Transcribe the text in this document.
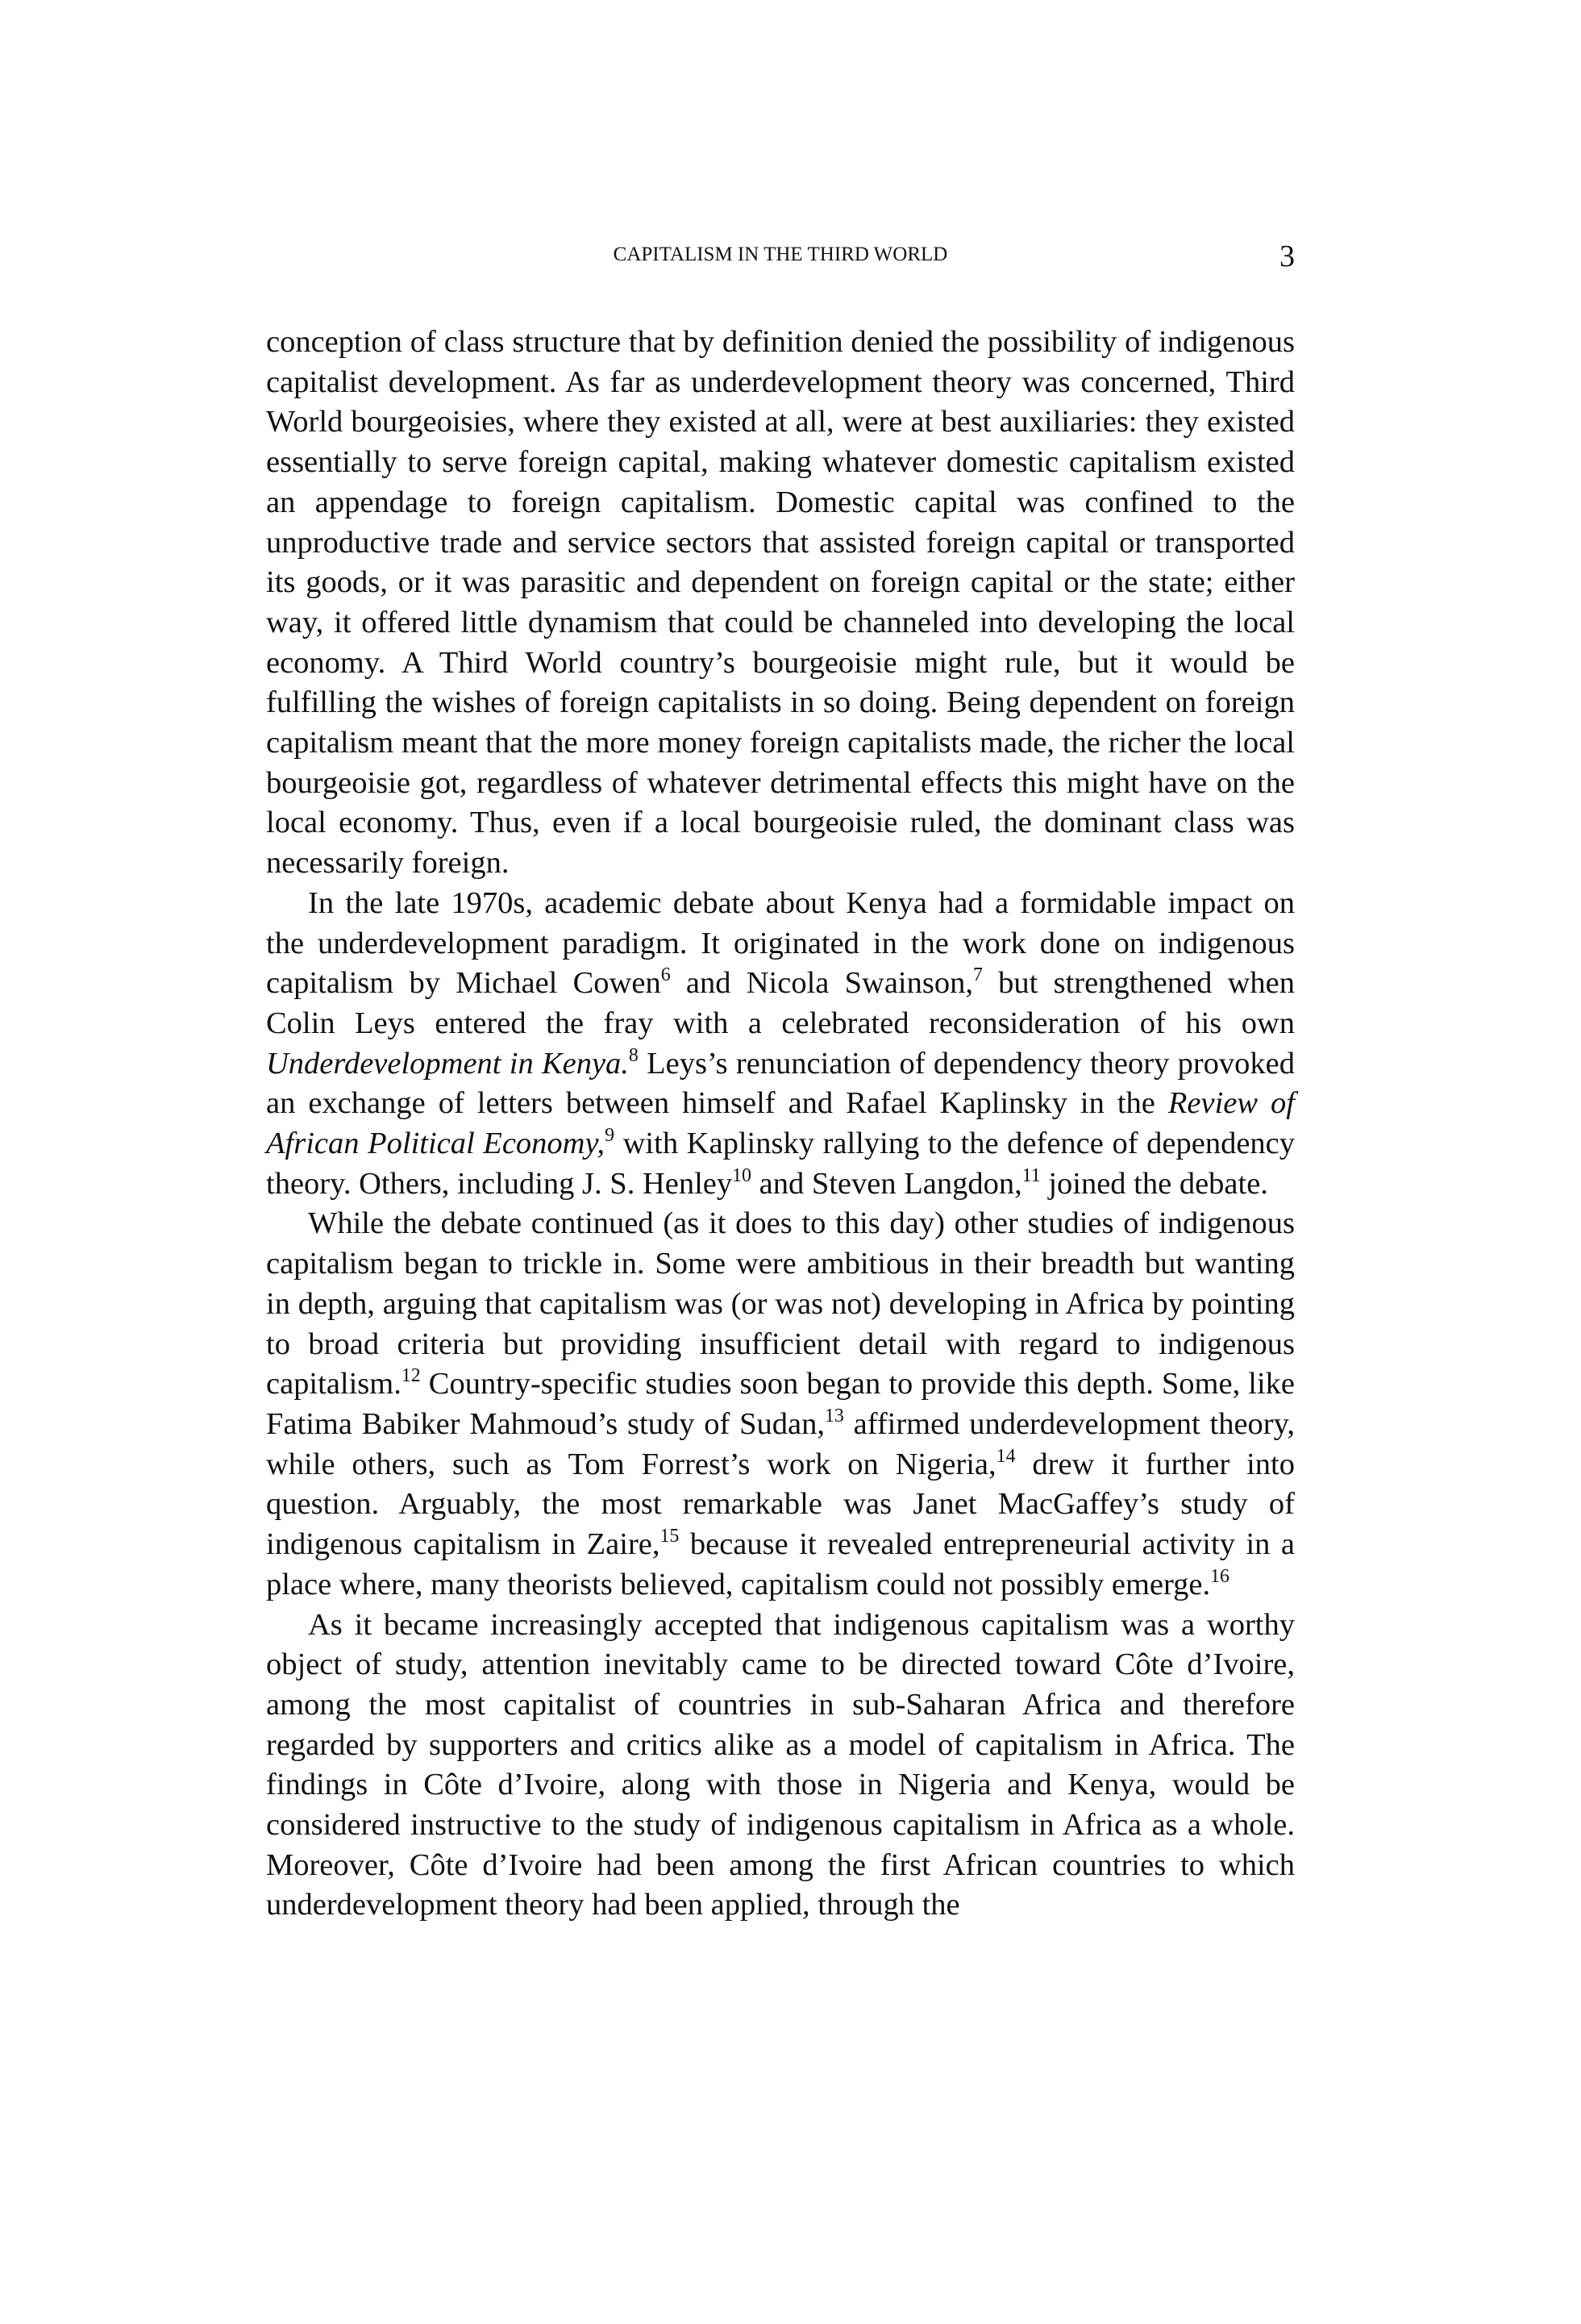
CAPITALISM IN THE THIRD WORLD	3

conception of class structure that by definition denied the possibility of indigenous capitalist development. As far as underdevelopment theory was concerned, Third World bourgeoisies, where they existed at all, were at best auxiliaries: they existed essentially to serve foreign capital, making whatever domestic capitalism existed an appendage to foreign capitalism. Domestic capital was confined to the unproductive trade and service sectors that assisted foreign capital or transported its goods, or it was parasitic and dependent on foreign capital or the state; either way, it offered little dynamism that could be channeled into developing the local economy. A Third World country’s bourgeoisie might rule, but it would be fulfilling the wishes of foreign capitalists in so doing. Being dependent on foreign capitalism meant that the more money foreign capitalists made, the richer the local bourgeoisie got, regardless of whatever detrimental effects this might have on the local economy. Thus, even if a local bourgeoisie ruled, the dominant class was necessarily foreign.

In the late 1970s, academic debate about Kenya had a formidable impact on the underdevelopment paradigm. It originated in the work done on indigenous capitalism by Michael Cowen$^6$ and Nicola Swainson,$^7$ but strengthened when Colin Leys entered the fray with a celebrated reconsideration of his own Underdevelopment in Kenya.$^8$ Leys’s renunciation of dependency theory provoked an exchange of letters between himself and Rafael Kaplinsky in the Review of African Political Economy,$^9$ with Kaplinsky rallying to the defence of dependency theory. Others, including J. S. Henley$^{10}$ and Steven Langdon,$^{11}$ joined the debate.

While the debate continued (as it does to this day) other studies of indigenous capitalism began to trickle in. Some were ambitious in their breadth but wanting in depth, arguing that capitalism was (or was not) developing in Africa by pointing to broad criteria but providing insufficient detail with regard to indigenous capitalism.$^{12}$ Country-specific studies soon began to provide this depth. Some, like Fatima Babiker Mahmoud’s study of Sudan,$^{13}$ affirmed underdevelopment theory, while others, such as Tom Forrest’s work on Nigeria,$^{14}$ drew it further into question. Arguably, the most remarkable was Janet MacGaffey’s study of indigenous capitalism in Zaire,$^{15}$ because it revealed entrepreneurial activity in a place where, many theorists believed, capitalism could not possibly emerge.$^{16}$

As it became increasingly accepted that indigenous capitalism was a worthy object of study, attention inevitably came to be directed toward Côte d’Ivoire, among the most capitalist of countries in sub-Saharan Africa and therefore regarded by supporters and critics alike as a model of capitalism in Africa. The findings in Côte d’Ivoire, along with those in Nigeria and Kenya, would be considered instructive to the study of indigenous capitalism in Africa as a whole. Moreover, Côte d’Ivoire had been among the first African countries to which underdevelopment theory had been applied, through the
